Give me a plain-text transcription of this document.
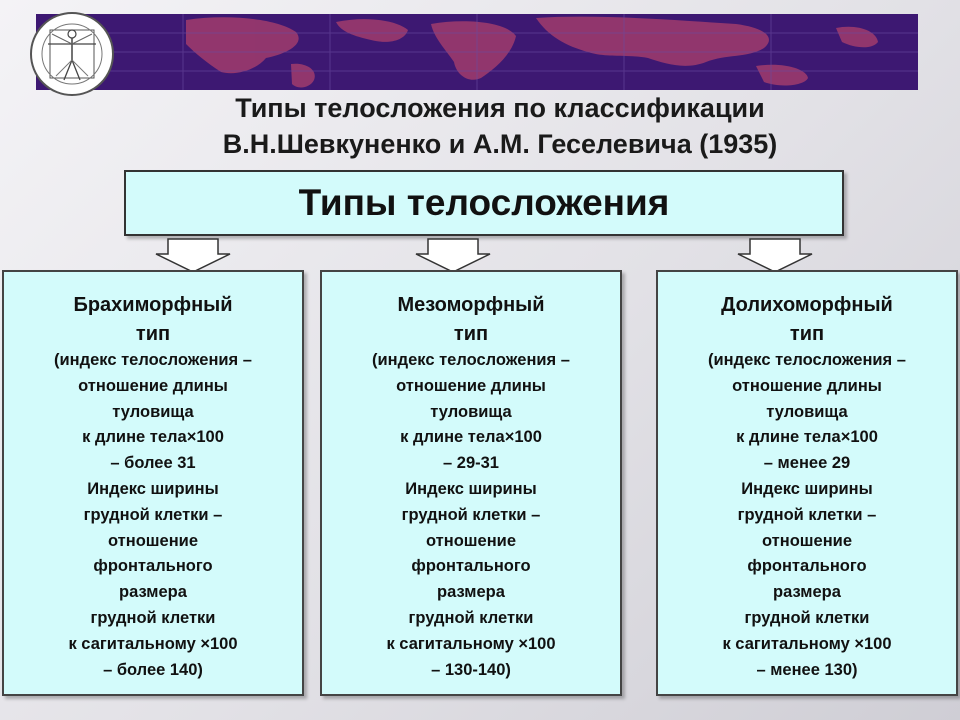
Типы телосложения по классификации
В.Н.Шевкуненко и А.М. Геселевича (1935)
Типы телосложения
Брахиморфный
тип
(индекс телосложения –
отношение длины
туловища
к длине тела×100
– более 31
Индекс ширины
грудной клетки –
отношение
фронтального
размера
грудной клетки
к сагитальному ×100
– более 140)
Мезоморфный
тип
(индекс телосложения –
отношение длины
туловища
к длине тела×100
– 29-31
Индекс ширины
грудной клетки –
отношение
фронтального
размера
грудной клетки
к сагитальному ×100
– 130-140)
Долихоморфный
тип
(индекс телосложения –
отношение длины
туловища
к длине тела×100
– менее 29
Индекс ширины
грудной клетки –
отношение
фронтального
размера
грудной клетки
к сагитальному ×100
– менее 130)
